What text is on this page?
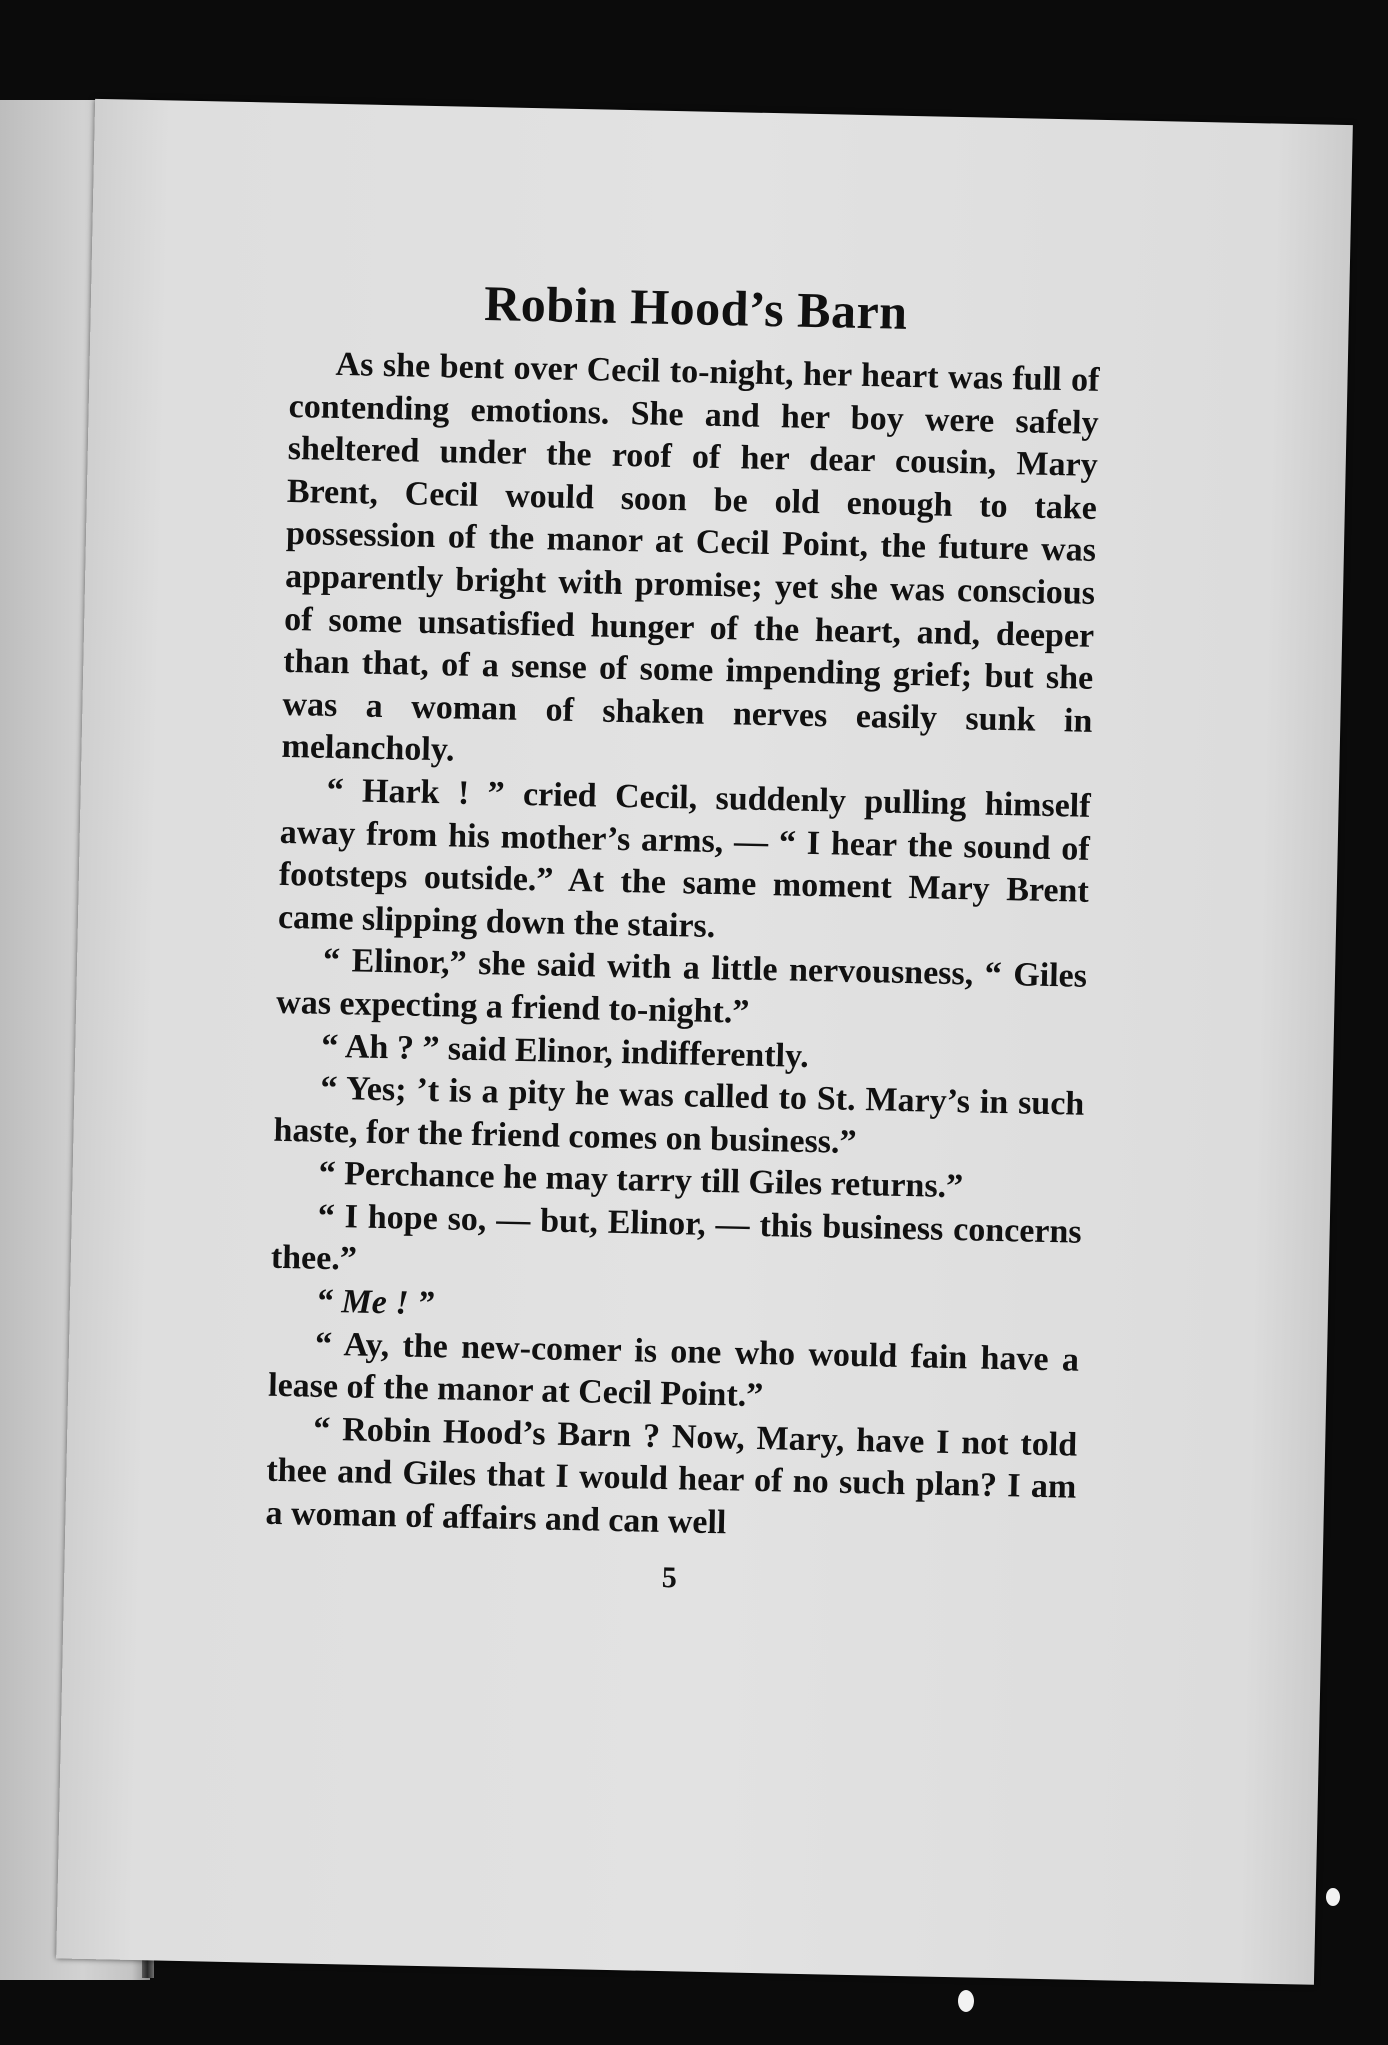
Robin Hood’s Barn

As she bent over Cecil to-night, her heart was full of contending emotions. She and her boy were safely sheltered under the roof of her dear cousin, Mary Brent, Cecil would soon be old enough to take possession of the manor at Cecil Point, the future was apparently bright with promise; yet she was conscious of some unsatisfied hunger of the heart, and, deeper than that, of a sense of some impending grief; but she was a woman of shaken nerves easily sunk in melancholy.

“ Hark ! ” cried Cecil, suddenly pulling himself away from his mother’s arms, — “ I hear the sound of footsteps outside.” At the same moment Mary Brent came slipping down the stairs.

“ Elinor,” she said with a little nervousness, “ Giles was expecting a friend to-night.”

“ Ah ? ” said Elinor, indifferently.

“ Yes; ’t is a pity he was called to St. Mary’s in such haste, for the friend comes on business.”

“ Perchance he may tarry till Giles returns.”

“ I hope so, — but, Elinor, — this business concerns thee.”

“ Me ! ”

“ Ay, the new-comer is one who would fain have a lease of the manor at Cecil Point.”

“ Robin Hood’s Barn ? Now, Mary, have I not told thee and Giles that I would hear of no such plan? I am a woman of affairs and can well

5
